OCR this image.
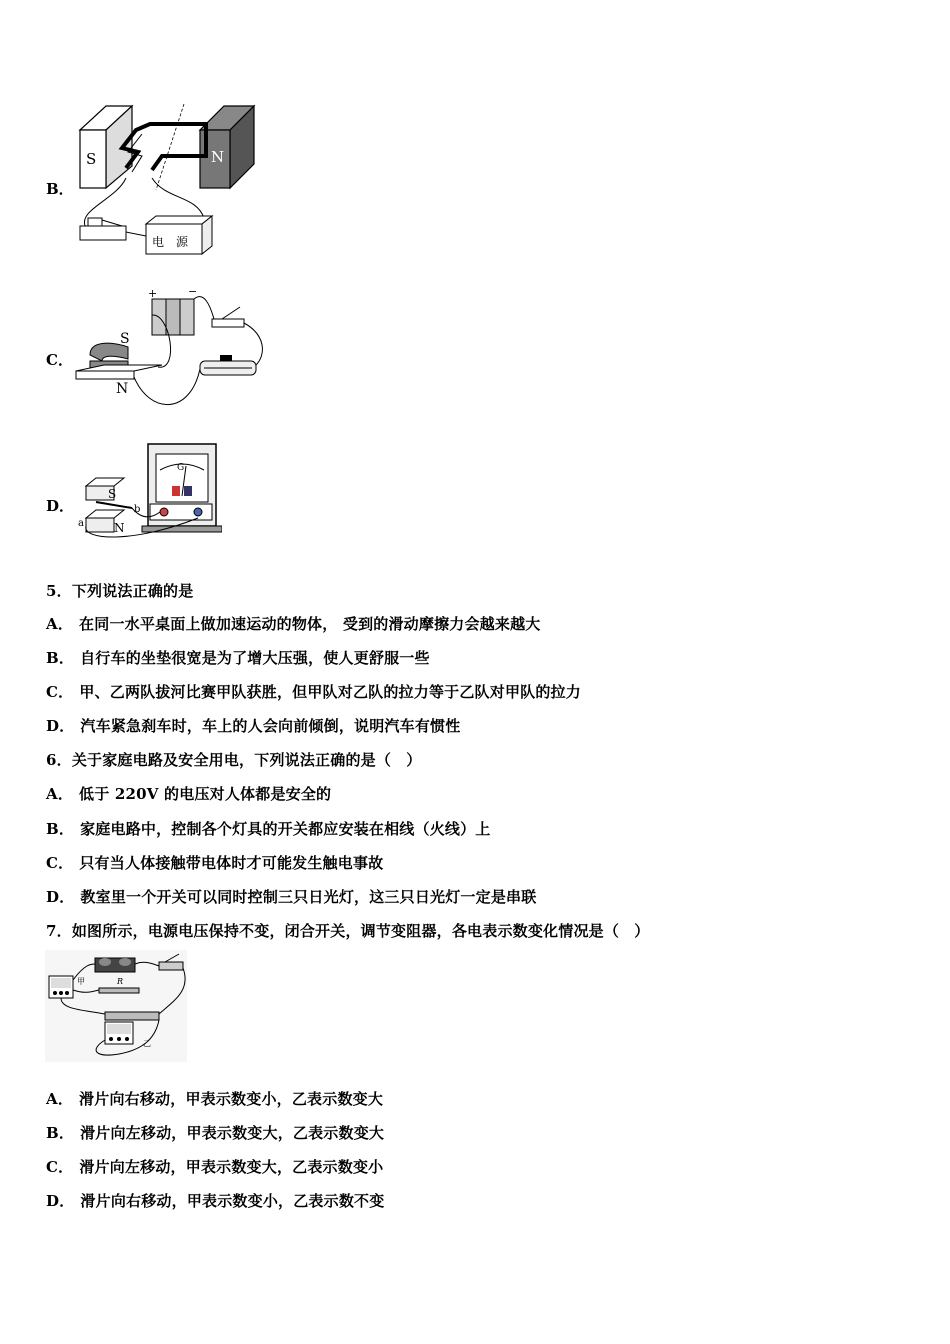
B．
S	N
电　源
C．
+	−
S
N
D．
S
N
a
b
G
5．下列说法正确的是
A． 在同一水平桌面上做加速运动的物体， 受到的滑动摩擦力会越来越大
B． 自行车的坐垫很宽是为了增大压强，使人更舒服一些
C． 甲、乙两队拔河比赛甲队获胜，但甲队对乙队的拉力等于乙队对甲队的拉力
D． 汽车紧急刹车时，车上的人会向前倾倒，说明汽车有惯性
6．关于家庭电路及安全用电，下列说法正确的是（　）
A． 低于 220V 的电压对人体都是安全的
B． 家庭电路中，控制各个灯具的开关都应安装在相线（火线）上
C． 只有当人体接触带电体时才可能发生触电事故
D． 教室里一个开关可以同时控制三只日光灯，这三只日光灯一定是串联
7．如图所示，电源电压保持不变，闭合开关，调节变阻器，各电表示数变化情况是（　）
甲	R
乙
A． 滑片向右移动，甲表示数变小，乙表示数变大
B． 滑片向左移动，甲表示数变大，乙表示数变大
C． 滑片向左移动，甲表示数变大，乙表示数变小
D． 滑片向右移动，甲表示数变小，乙表示数不变
